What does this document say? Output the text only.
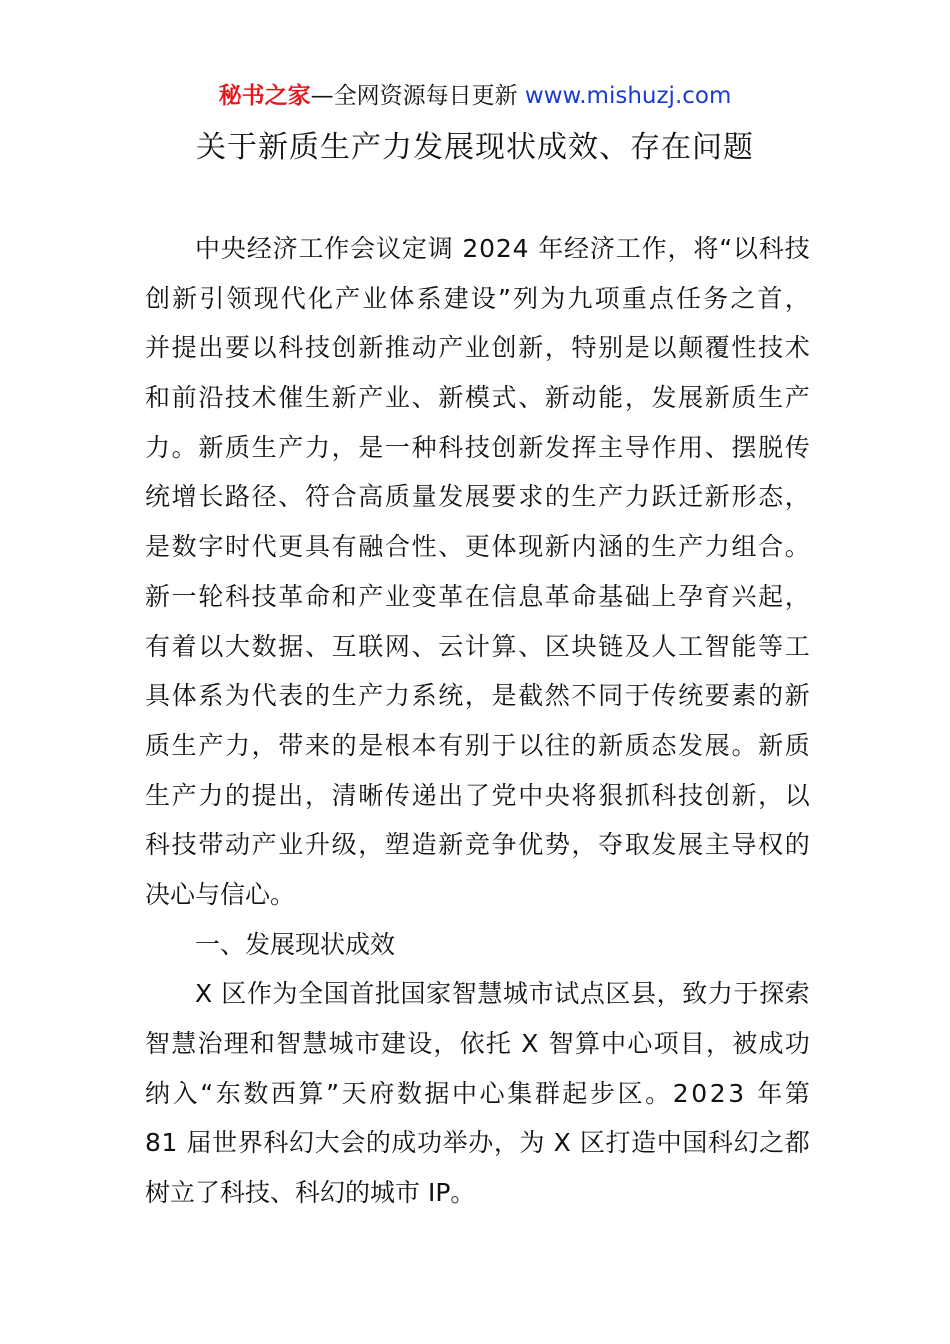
秘书之家—全网资源每日更新 www.mishuzj.com
关于新质生产力发展现状成效、存在问题
中 央 经 济 工 作 会 议 定 调
2 0 2 4
年 经 济 工 作 ， 将 “ 以 科 技
创 新 引 领 现 代 化 产 业 体 系 建 设 ” 列 为 九 项 重 点 任 务 之 首 ，
并 提 出 要 以 科 技 创 新 推 动 产 业 创 新 ， 特 别 是 以 颠 覆 性 技 术
和 前 沿 技 术 催 生 新 产 业 、 新 模 式 、 新 动 能 ， 发 展 新 质 生 产
力 。 新 质 生 产 力 ， 是 一 种 科 技 创 新 发 挥 主 导 作 用 、 摆 脱 传
统 增 长 路 径 、 符 合 高 质 量 发 展 要 求 的 生 产 力 跃 迁 新 形 态 ，
是 数 字 时 代 更 具 有 融 合 性 、 更 体 现 新 内 涵 的 生 产 力 组 合 。
新 一 轮 科 技 革 命 和 产 业 变 革 在 信 息 革 命 基 础 上 孕 育 兴 起 ，
有 着 以 大 数 据 、 互 联 网 、 云 计 算 、 区 块 链 及 人 工 智 能 等 工
具 体 系 为 代 表 的 生 产 力 系 统 ， 是 截 然 不 同 于 传 统 要 素 的 新
质 生 产 力 ， 带 来 的 是 根 本 有 别 于 以 往 的 新 质 态 发 展 。 新 质
生 产 力 的 提 出 ， 清 晰 传 递 出 了 党 中 央 将 狠 抓 科 技 创 新 ， 以
科 技 带 动 产 业 升 级 ， 塑 造 新 竞 争 优 势 ， 夺 取 发 展 主 导 权 的
决心与信心。
一、发展现状成效
X
区 作 为 全 国 首 批 国 家 智 慧 城 市 试 点 区 县 ， 致 力 于 探 索
智 慧 治 理 和 智 慧 城 市 建 设 ， 依 托
X
智 算 中 心 项 目 ， 被 成 功
纳 入 “ 东 数 西 算 ” 天 府 数 据 中 心 集 群 起 步 区 。 2 0 2 3
年 第
8 1
届 世 界 科 幻 大 会 的 成 功 举 办 ， 为
X
区 打 造 中 国 科 幻 之 都
树立了科技、科幻的城市 IP。
